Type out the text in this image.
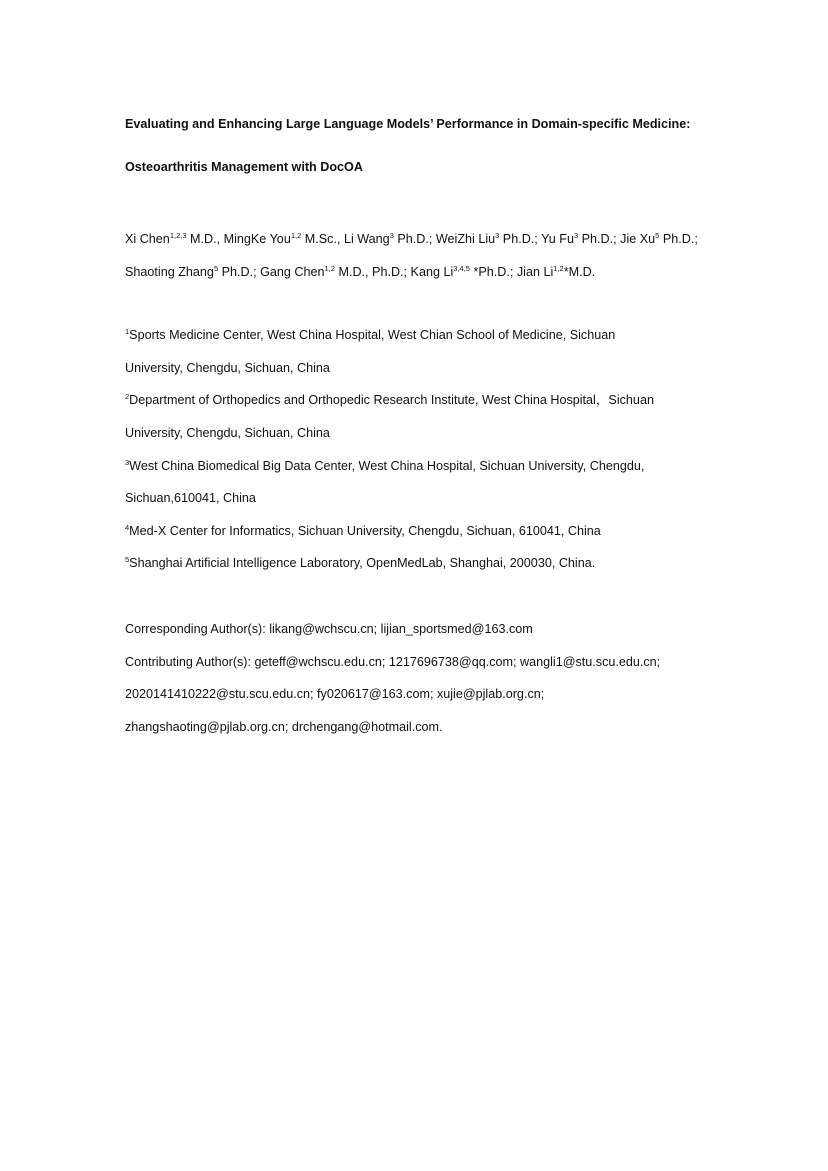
Evaluating and Enhancing Large Language Models’ Performance in Domain-specific Medicine:
Osteoarthritis Management with DocOA
Xi Chen$^{1,2,3}$ M.D., MingKe You$^{1,2}$ M.Sc., Li Wang$^3$ Ph.D.; WeiZhi Liu$^3$ Ph.D.; Yu Fu$^3$ Ph.D.; Jie Xu$^5$ Ph.D.;
Shaoting Zhang$^5$ Ph.D.; Gang Chen$^{1,2}$ M.D., Ph.D.; Kang Li$^{3,4,5}$ *Ph.D.; Jian Li$^{1,2}$*M.D.
$^1$Sports Medicine Center, West China Hospital, West Chian School of Medicine, Sichuan
University, Chengdu, Sichuan, China
$^2$Department of Orthopedics and Orthopedic Research Institute, West China Hospital，Sichuan
University, Chengdu, Sichuan, China
$^3$West China Biomedical Big Data Center, West China Hospital, Sichuan University, Chengdu,
Sichuan,610041, China
$^4$Med-X Center for Informatics, Sichuan University, Chengdu, Sichuan, 610041, China
$^5$Shanghai Artificial Intelligence Laboratory, OpenMedLab, Shanghai, 200030, China.
Corresponding Author(s): likang@wchscu.cn; lijian_sportsmed@163.com
Contributing Author(s): geteff@wchscu.edu.cn; 1217696738@qq.com; wangli1@stu.scu.edu.cn;
2020141410222@stu.scu.edu.cn; fy020617@163.com; xujie@pjlab.org.cn;
zhangshaoting@pjlab.org.cn; drchengang@hotmail.com.
